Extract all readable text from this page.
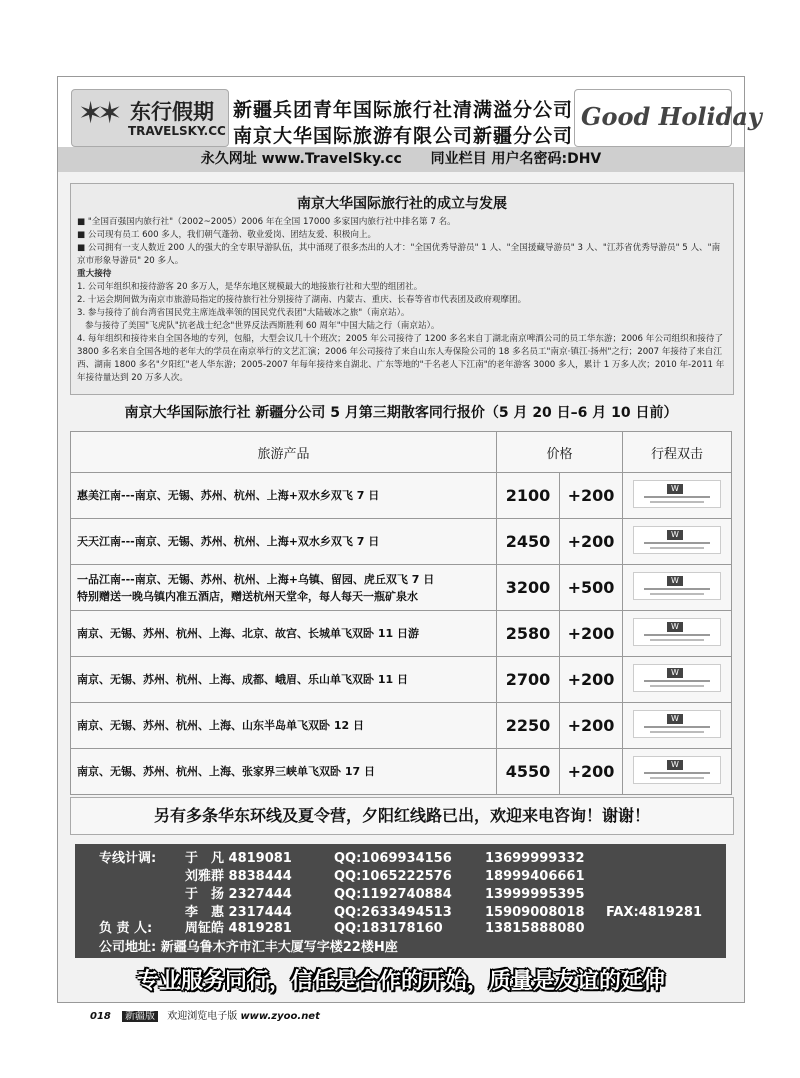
✶✶ 东行假期
TRAVELSKY.CC
新疆兵团青年国际旅行社清满溢分公司
南京大华国际旅游有限公司新疆分公司
Good Holiday
永久网址 www.TravelSky.cc 同业栏目 用户名密码:DHV
南京大华国际旅行社的成立与发展

■ "全国百强国内旅行社"（2002~2005）2006 年在全国 17000 多家国内旅行社中排名第 7 名。

■ 公司现有员工 600 多人，我们朝气蓬勃、敬业爱岗、团结友爱、积极向上。

■ 公司拥有一支人数近 200 人的强大的全专职导游队伍，其中涌现了很多杰出的人才："全国优秀导游员" 1 人、"全国援藏导游员" 3 人、"江苏省优秀导游员" 5 人、"南京市形象导游员" 20 多人。

重大接待

1. 公司年组织和接待游客 20 多万人，是华东地区规模最大的地接旅行社和大型的组团社。

2. 十运会期间做为南京市旅游局指定的接待旅行社分别接待了湖南、内蒙古、重庆、长春等省市代表团及政府观摩团。

3. 参与接待了前台湾省国民党主席连战率领的国民党代表团"大陆破冰之旅"（南京站）。

参与接待了美国"飞虎队"抗老战士纪念"世界反法西斯胜利 60 周年"中国大陆之行（南京站）。

4. 每年组织和接待来自全国各地的专列，包船，大型会议几十个班次；2005 年公司接待了 1200 多名来自丁湖北南京啤酒公司的员工华东游；2006 年公司组织和接待了3800 多名来自全国各地的老年大的学员在南京举行的文艺汇演；2006 年公司接待了来自山东人寿保险公司的 18 多名员工"南京·镇江·扬州"之行；2007 年接待了来自江西、湖南 1800 多名"夕阳红"老人华东游；2005-2007 年每年接待来自湖北、广东等地的"千名老人下江南"的老年游客 3000 多人，累计 1 万多人次；2010 年-2011 年年接待量达到 20 万多人次。

南京大华国际旅行社 新疆分公司 5 月第三期散客同行报价（5 月 20 日–6 月 10 日前）
旅游产品	价格		行程双击

惠美江南---南京、无锡、苏州、杭州、上海+双水乡双飞 7 日	2100	+200	W

天天江南---南京、无锡、苏州、杭州、上海+双水乡双飞 7 日	2450	+200	W

一品江南---南京、无锡、苏州、杭州、上海+乌镇、留园、虎丘双飞 7 日
特别赠送一晚乌镇内准五酒店，赠送杭州天堂伞，每人每天一瓶矿泉水	3200	+500	W

南京、无锡、苏州、杭州、上海、北京、故宫、长城单飞双卧 11 日游	2580	+200	W

南京、无锡、苏州、杭州、上海、成都、峨眉、乐山单飞双卧 11 日	2700	+200	W

南京、无锡、苏州、杭州、上海、山东半岛单飞双卧 12 日	2250	+200	W

南京、无锡、苏州、杭州、上海、张家界三峡单飞双卧 17 日	4550	+200	W
另有多条华东环线及夏令营，夕阳红线路已出，欢迎来电咨询！谢谢！
专线计调:	于　凡 4819081	QQ:1069934156	13699999332
刘雅群 8838444	QQ:1065222576	18999406661
于　扬 2327444	QQ:1192740884	13999995395
李　惠 2317444	QQ:2633494513	15909008018 FAX:4819281
负 责 人:	周钲皓 4819281	QQ:183178160	13815888080
公司地址: 新疆乌鲁木齐市汇丰大厦写字楼22楼H座
专业服务同行，信任是合作的开始，质量是友谊的延伸
018 新疆版 欢迎浏览电子版 www.zyoo.net
